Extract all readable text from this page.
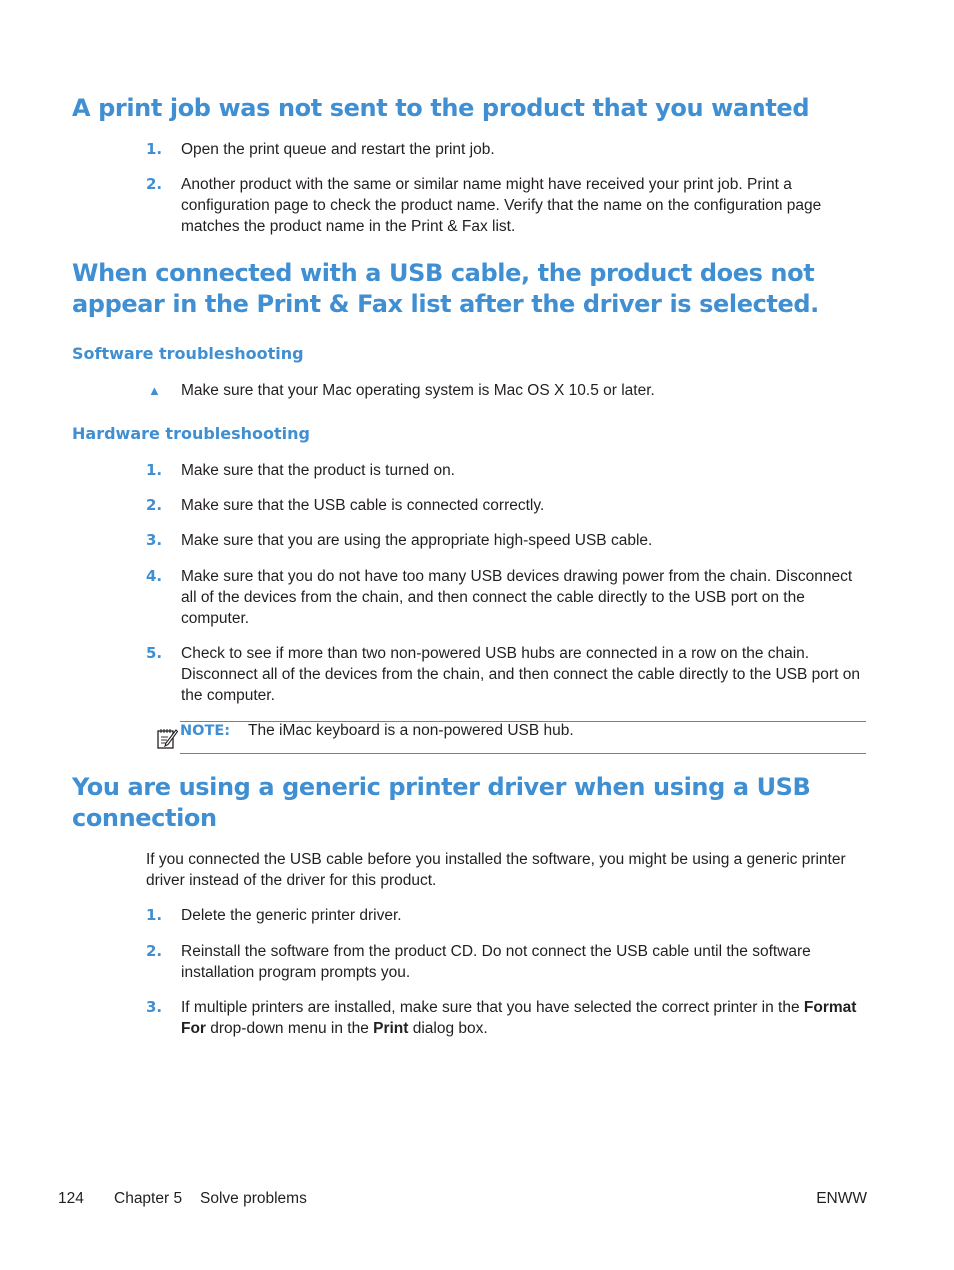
A print job was not sent to the product that you wanted
1. Open the print queue and restart the print job.
2. Another product with the same or similar name might have received your print job. Print a configuration page to check the product name. Verify that the name on the configuration page matches the product name in the Print & Fax list.
When connected with a USB cable, the product does not appear in the Print & Fax list after the driver is selected.
Software troubleshooting
▲ Make sure that your Mac operating system is Mac OS X 10.5 or later.
Hardware troubleshooting
1. Make sure that the product is turned on.
2. Make sure that the USB cable is connected correctly.
3. Make sure that you are using the appropriate high-speed USB cable.
4. Make sure that you do not have too many USB devices drawing power from the chain. Disconnect all of the devices from the chain, and then connect the cable directly to the USB port on the computer.
5. Check to see if more than two non-powered USB hubs are connected in a row on the chain. Disconnect all of the devices from the chain, and then connect the cable directly to the USB port on the computer.
NOTE: The iMac keyboard is a non-powered USB hub.
You are using a generic printer driver when using a USB connection
If you connected the USB cable before you installed the software, you might be using a generic printer driver instead of the driver for this product.
1. Delete the generic printer driver.
2. Reinstall the software from the product CD. Do not connect the USB cable until the software installation program prompts you.
3. If multiple printers are installed, make sure that you have selected the correct printer in the Format For drop-down menu in the Print dialog box.
124 Chapter 5 Solve problems	ENWW
